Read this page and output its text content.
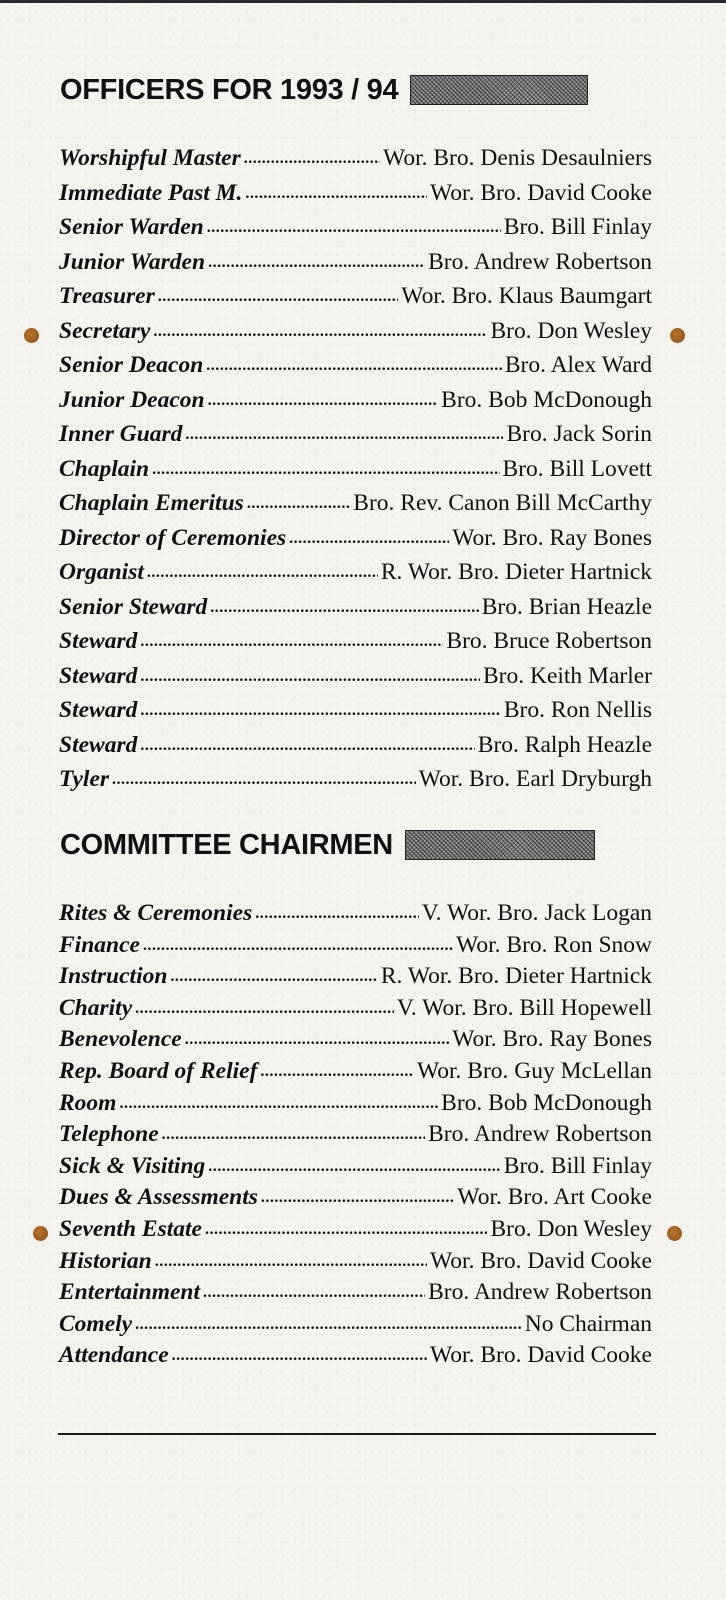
OFFICERS FOR 1993 / 94
Worshipful Master .....	Wor. Bro. Denis Desaulniers
Immediate Past M. .....	Wor. Bro. David Cooke
Senior Warden .....	Bro. Bill Finlay
Junior Warden .....	Bro. Andrew Robertson
Treasurer .....	Wor. Bro. Klaus Baumgart
Secretary .....	Bro. Don Wesley
Senior Deacon .....	Bro. Alex Ward
Junior Deacon .....	Bro. Bob McDonough
Inner Guard .....	Bro. Jack Sorin
Chaplain .....	Bro. Bill Lovett
Chaplain Emeritus .....	Bro. Rev. Canon Bill McCarthy
Director of Ceremonies .....	Wor. Bro. Ray Bones
Organist .....	R. Wor. Bro. Dieter Hartnick
Senior Steward .....	Bro. Brian Heazle
Steward .....	Bro. Bruce Robertson
Steward .....	Bro. Keith Marler
Steward .....	Bro. Ron Nellis
Steward .....	Bro. Ralph Heazle
Tyler .....	Wor. Bro. Earl Dryburgh
COMMITTEE CHAIRMEN
Rites & Ceremonies .....	V. Wor. Bro. Jack Logan
Finance .....	Wor. Bro. Ron Snow
Instruction .....	R. Wor. Bro. Dieter Hartnick
Charity .....	V. Wor. Bro. Bill Hopewell
Benevolence .....	Wor. Bro. Ray Bones
Rep. Board of Relief .....	Wor. Bro. Guy McLellan
Room .....	Bro. Bob McDonough
Telephone .....	Bro. Andrew Robertson
Sick & Visiting .....	Bro. Bill Finlay
Dues & Assessments .....	Wor. Bro. Art Cooke
Seventh Estate .....	Bro. Don Wesley
Historian .....	Wor. Bro. David Cooke
Entertainment .....	Bro. Andrew Robertson
Comely .....	No Chairman
Attendance .....	Wor. Bro. David Cooke
